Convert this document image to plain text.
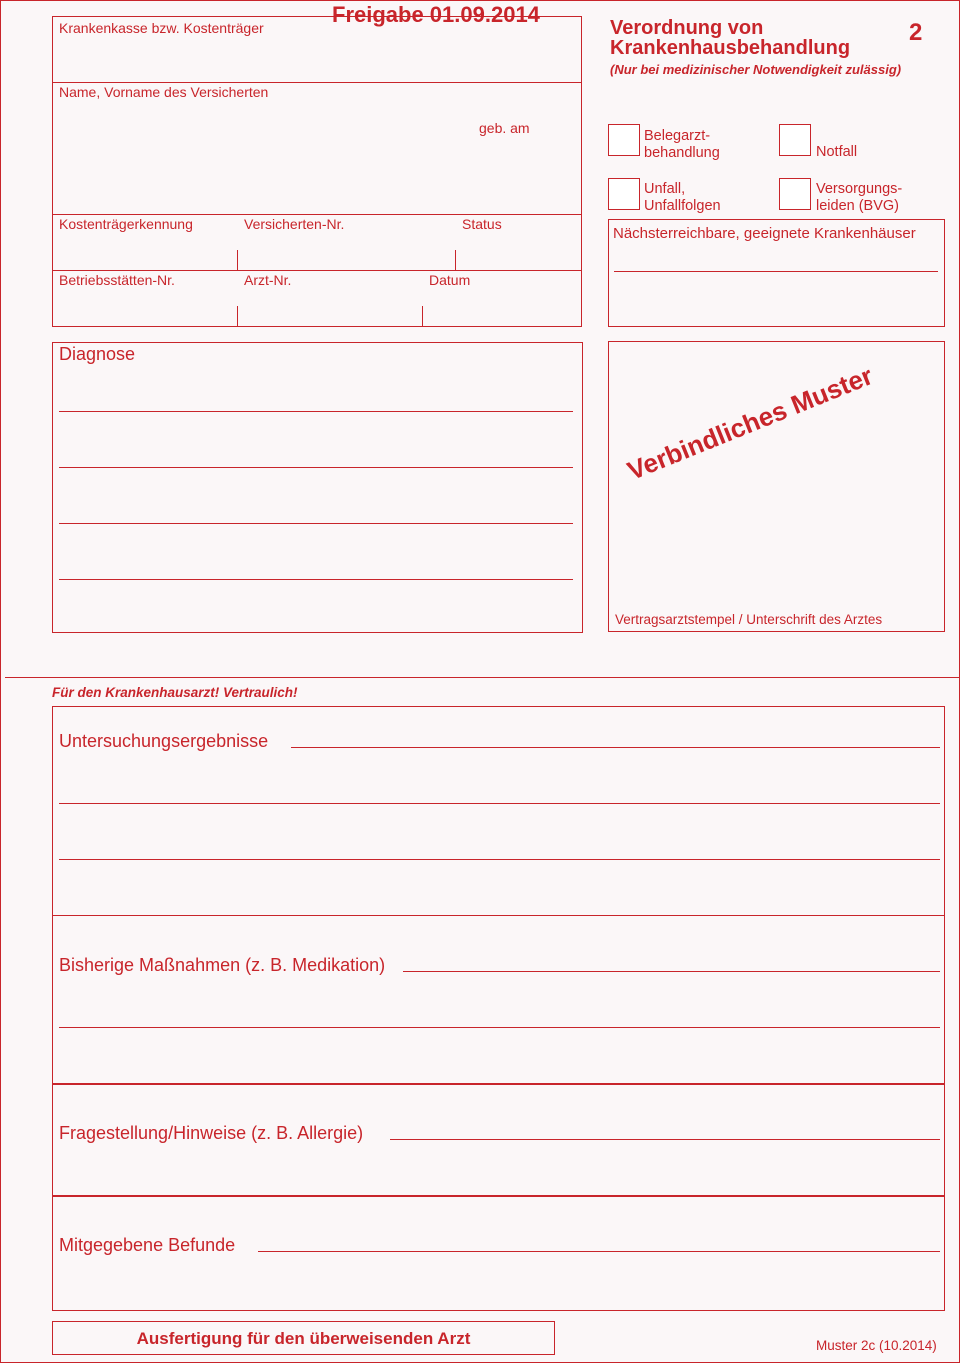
Krankenkasse bzw. Kostenträger
Freigabe 01.09.2014
Name, Vorname des Versicherten
geb. am
Kostenträgerkennung	Versicherten-Nr.	Status
Betriebsstätten-Nr.	Arzt-Nr.	Datum
Verordnung von
Krankenhausbehandlung
2
(Nur bei medizinischer Notwendigkeit zulässig)
Belegarzt-
behandlung	Notfall
Unfall,
Unfallfolgen
Versorgungs-
leiden (BVG)
Nächsterreichbare, geeignete Krankenhäuser
Diagnose
Verbindliches Muster
Vertragsarztstempel / Unterschrift des Arztes
Für den Krankenhausarzt! Vertraulich!
Untersuchungsergebnisse
Bisherige Maßnahmen (z. B. Medikation)
Fragestellung/Hinweise (z. B. Allergie)
Mitgegebene Befunde
Ausfertigung für den überweisenden Arzt	Muster 2c (10.2014)
